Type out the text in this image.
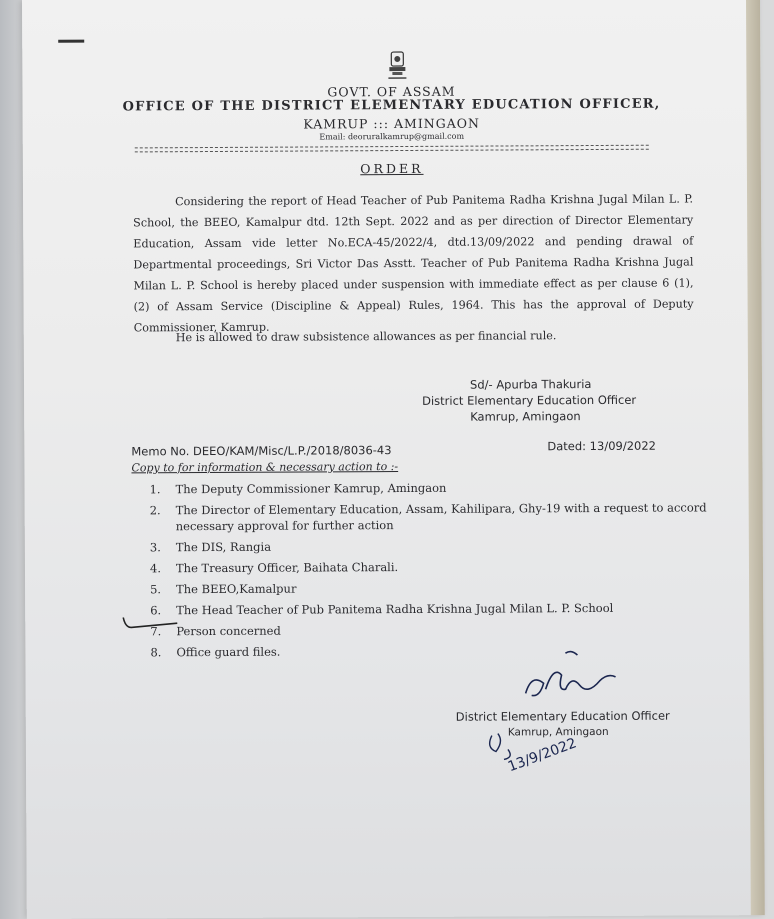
GOVT. OF ASSAM
OFFICE OF THE DISTRICT ELEMENTARY EDUCATION OFFICER,
KAMRUP ::: AMINGAON
Email: deoruralkamrup@gmail.com
ORDER
Considering the report of Head Teacher of Pub Panitema Radha Krishna Jugal Milan L. P. School, the BEEO, Kamalpur dtd. 12th Sept. 2022 and as per direction of Director Elementary Education, Assam vide letter No.ECA-45/2022/4, dtd.13/09/2022 and pending drawal of Departmental proceedings, Sri Victor Das Asstt. Teacher of Pub Panitema Radha Krishna Jugal Milan L. P. School is hereby placed under suspension with immediate effect as per clause 6 (1), (2) of Assam Service (Discipline & Appeal) Rules, 1964. This has the approval of Deputy Commissioner, Kamrup.
He is allowed to draw subsistence allowances as per financial rule.
Sd/- Apurba Thakuria
District Elementary Education Officer
Kamrup, Amingaon
Memo No. DEEO/KAM/Misc/L.P./2018/8036-43	Dated: 13/09/2022
Copy to for information & necessary action to :-
1.	The Deputy Commissioner Kamrup, Amingaon
2.	The Director of Elementary Education, Assam, Kahilipara, Ghy-19 with a request to accord necessary approval for further action
3.	The DIS, Rangia
4.	The Treasury Officer, Baihata Charali.
5.	The BEEO,Kamalpur
6.	The Head Teacher of Pub Panitema Radha Krishna Jugal Milan L. P. School
7.	Person concerned
8.	Office guard files.
District Elementary Education Officer
Kamrup, Amingaon
13/9/2022
